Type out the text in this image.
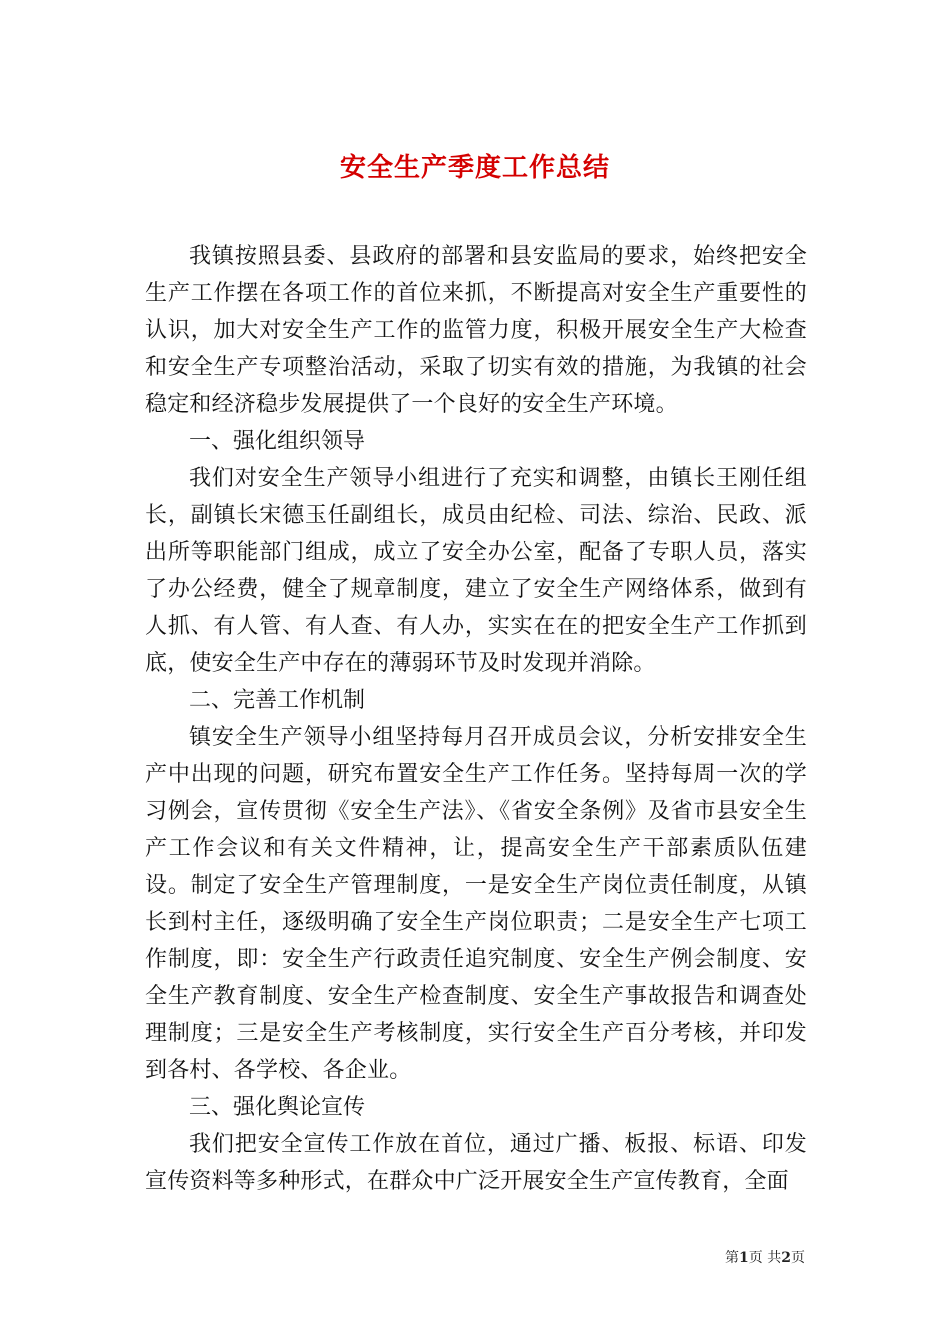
安全生产季度工作总结

我镇按照县委、县政府的部署和县安监局的要求，始终把安全生产工作摆在各项工作的首位来抓，不断提高对安全生产重要性的认识，加大对安全生产工作的监管力度，积极开展安全生产大检查和安全生产专项整治活动，采取了切实有效的措施，为我镇的社会稳定和经济稳步发展提供了一个良好的安全生产环境。

一、强化组织领导

我们对安全生产领导小组进行了充实和调整，由镇长王刚任组长，副镇长宋德玉任副组长，成员由纪检、司法、综治、民政、派出所等职能部门组成，成立了安全办公室，配备了专职人员，落实了办公经费，健全了规章制度，建立了安全生产网络体系，做到有人抓、有人管、有人查、有人办，实实在在的把安全生产工作抓到底，使安全生产中存在的薄弱环节及时发现并消除。

二、完善工作机制

镇安全生产领导小组坚持每月召开成员会议，分析安排安全生产中出现的问题，研究布置安全生产工作任务。坚持每周一次的学习例会，宣传贯彻《安全生产法》、《省安全条例》及省市县安全生产工作会议和有关文件精神，让，提高安全生产干部素质队伍建设。制定了安全生产管理制度，一是安全生产岗位责任制度，从镇长到村主任，逐级明确了安全生产岗位职责；二是安全生产七项工作制度，即：安全生产行政责任追究制度、安全生产例会制度、安全生产教育制度、安全生产检查制度、安全生产事故报告和调查处理制度；三是安全生产考核制度，实行安全生产百分考核，并印发到各村、各学校、各企业。

三、强化舆论宣传

我们把安全宣传工作放在首位，通过广播、板报、标语、印发宣传资料等多种形式，在群众中广泛开展安全生产宣传教育，全面

第1页 共2页
